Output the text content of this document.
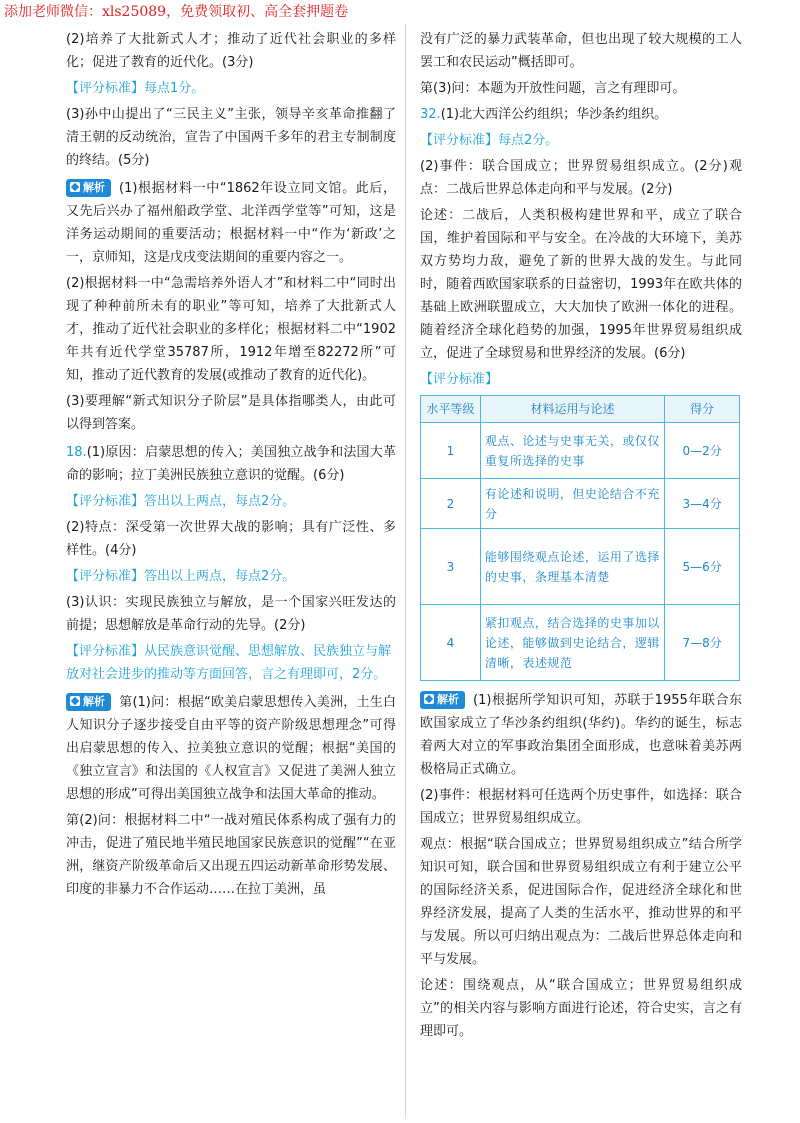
添加老师微信：xls25089，免费领取初、高全套押题卷

(2)培养了大批新式人才；推动了近代社会职业的多样化；促进了教育的近代化。(3分)

【评分标准】每点1分。

(3)孙中山提出了“三民主义”主张，领导辛亥革命推翻了清王朝的反动统治，宣告了中国两千多年的君主专制制度的终结。(5分)

解析 (1)根据材料一中“1862年设立同文馆。此后，又先后兴办了福州船政学堂、北洋西学堂等”可知，这是洋务运动期间的重要活动；根据材料一中“作为‘新政’之一，京师知，这是戊戌变法期间的重要内容之一。

(2)根据材料一中“急需培养外语人才”和材料二中“同时出现了种种前所未有的职业”等可知，培养了大批新式人才，推动了近代社会职业的多样化；根据材料二中“1902年共有近代学堂35787所，1912年增至82272所”可知，推动了近代教育的发展(或推动了教育的近代化)。

(3)要理解“新式知识分子阶层”是具体指哪类人，由此可以得到答案。

18.(1)原因：启蒙思想的传入；美国独立战争和法国大革命的影响；拉丁美洲民族独立意识的觉醒。(6分)

【评分标准】答出以上两点，每点2分。

(2)特点：深受第一次世界大战的影响；具有广泛性、多样性。(4分)

【评分标准】答出以上两点，每点2分。

(3)认识：实现民族独立与解放，是一个国家兴旺发达的前提；思想解放是革命行动的先导。(2分)

【评分标准】从民族意识觉醒、思想解放、民族独立与解放对社会进步的推动等方面回答，言之有理即可，2分。

解析 第(1)问：根据“欧美启蒙思想传入美洲，土生白人知识分子逐步接受自由平等的资产阶级思想理念”可得出启蒙思想的传入、拉美独立意识的觉醒；根据“美国的《独立宣言》和法国的《人权宣言》又促进了美洲人独立思想的形成”可得出美国独立战争和法国大革命的推动。

第(2)问：根据材料二中“一战对殖民体系构成了强有力的冲击，促进了殖民地半殖民地国家民族意识的觉醒”“在亚洲，继资产阶级革命后又出现五四运动新革命形势发展、印度的非暴力不合作运动……在拉丁美洲，虽

没有广泛的暴力武装革命，但也出现了较大规模的工人罢工和农民运动”概括即可。

第(3)问：本题为开放性问题，言之有理即可。

32.(1)北大西洋公约组织；华沙条约组织。

【评分标准】每点2分。

(2)事件：联合国成立；世界贸易组织成立。(2分)观点：二战后世界总体走向和平与发展。(2分)

论述：二战后，人类积极构建世界和平，成立了联合国，维护着国际和平与安全。在冷战的大环境下，美苏双方势均力敌，避免了新的世界大战的发生。与此同时，随着西欧国家联系的日益密切，1993年在欧共体的基础上欧洲联盟成立，大大加快了欧洲一体化的进程。随着经济全球化趋势的加强，1995年世界贸易组织成立，促进了全球贸易和世界经济的发展。(6分)

【评分标准】

水平等级	材料运用与论述	得分
1	观点、论述与史事无关，或仅仅重复所选择的史事	0—2分
2	有论述和说明，但史论结合不充分	3—4分
3	能够围绕观点论述，运用了选择的史事，条理基本清楚	5—6分
4	紧扣观点，结合选择的史事加以论述，能够做到史论结合，逻辑清晰，表述规范	7—8分

解析 (1)根据所学知识可知，苏联于1955年联合东欧国家成立了华沙条约组织(华约)。华约的诞生，标志着两大对立的军事政治集团全面形成，也意味着美苏两极格局正式确立。

(2)事件：根据材料可任选两个历史事件，如选择：联合国成立；世界贸易组织成立。

观点：根据“联合国成立；世界贸易组织成立”结合所学知识可知，联合国和世界贸易组织成立有利于建立公平的国际经济关系，促进国际合作，促进经济全球化和世界经济发展，提高了人类的生活水平，推动世界的和平与发展。所以可归纳出观点为：二战后世界总体走向和平与发展。

论述：围绕观点，从“联合国成立；世界贸易组织成立”的相关内容与影响方面进行论述，符合史实，言之有理即可。
